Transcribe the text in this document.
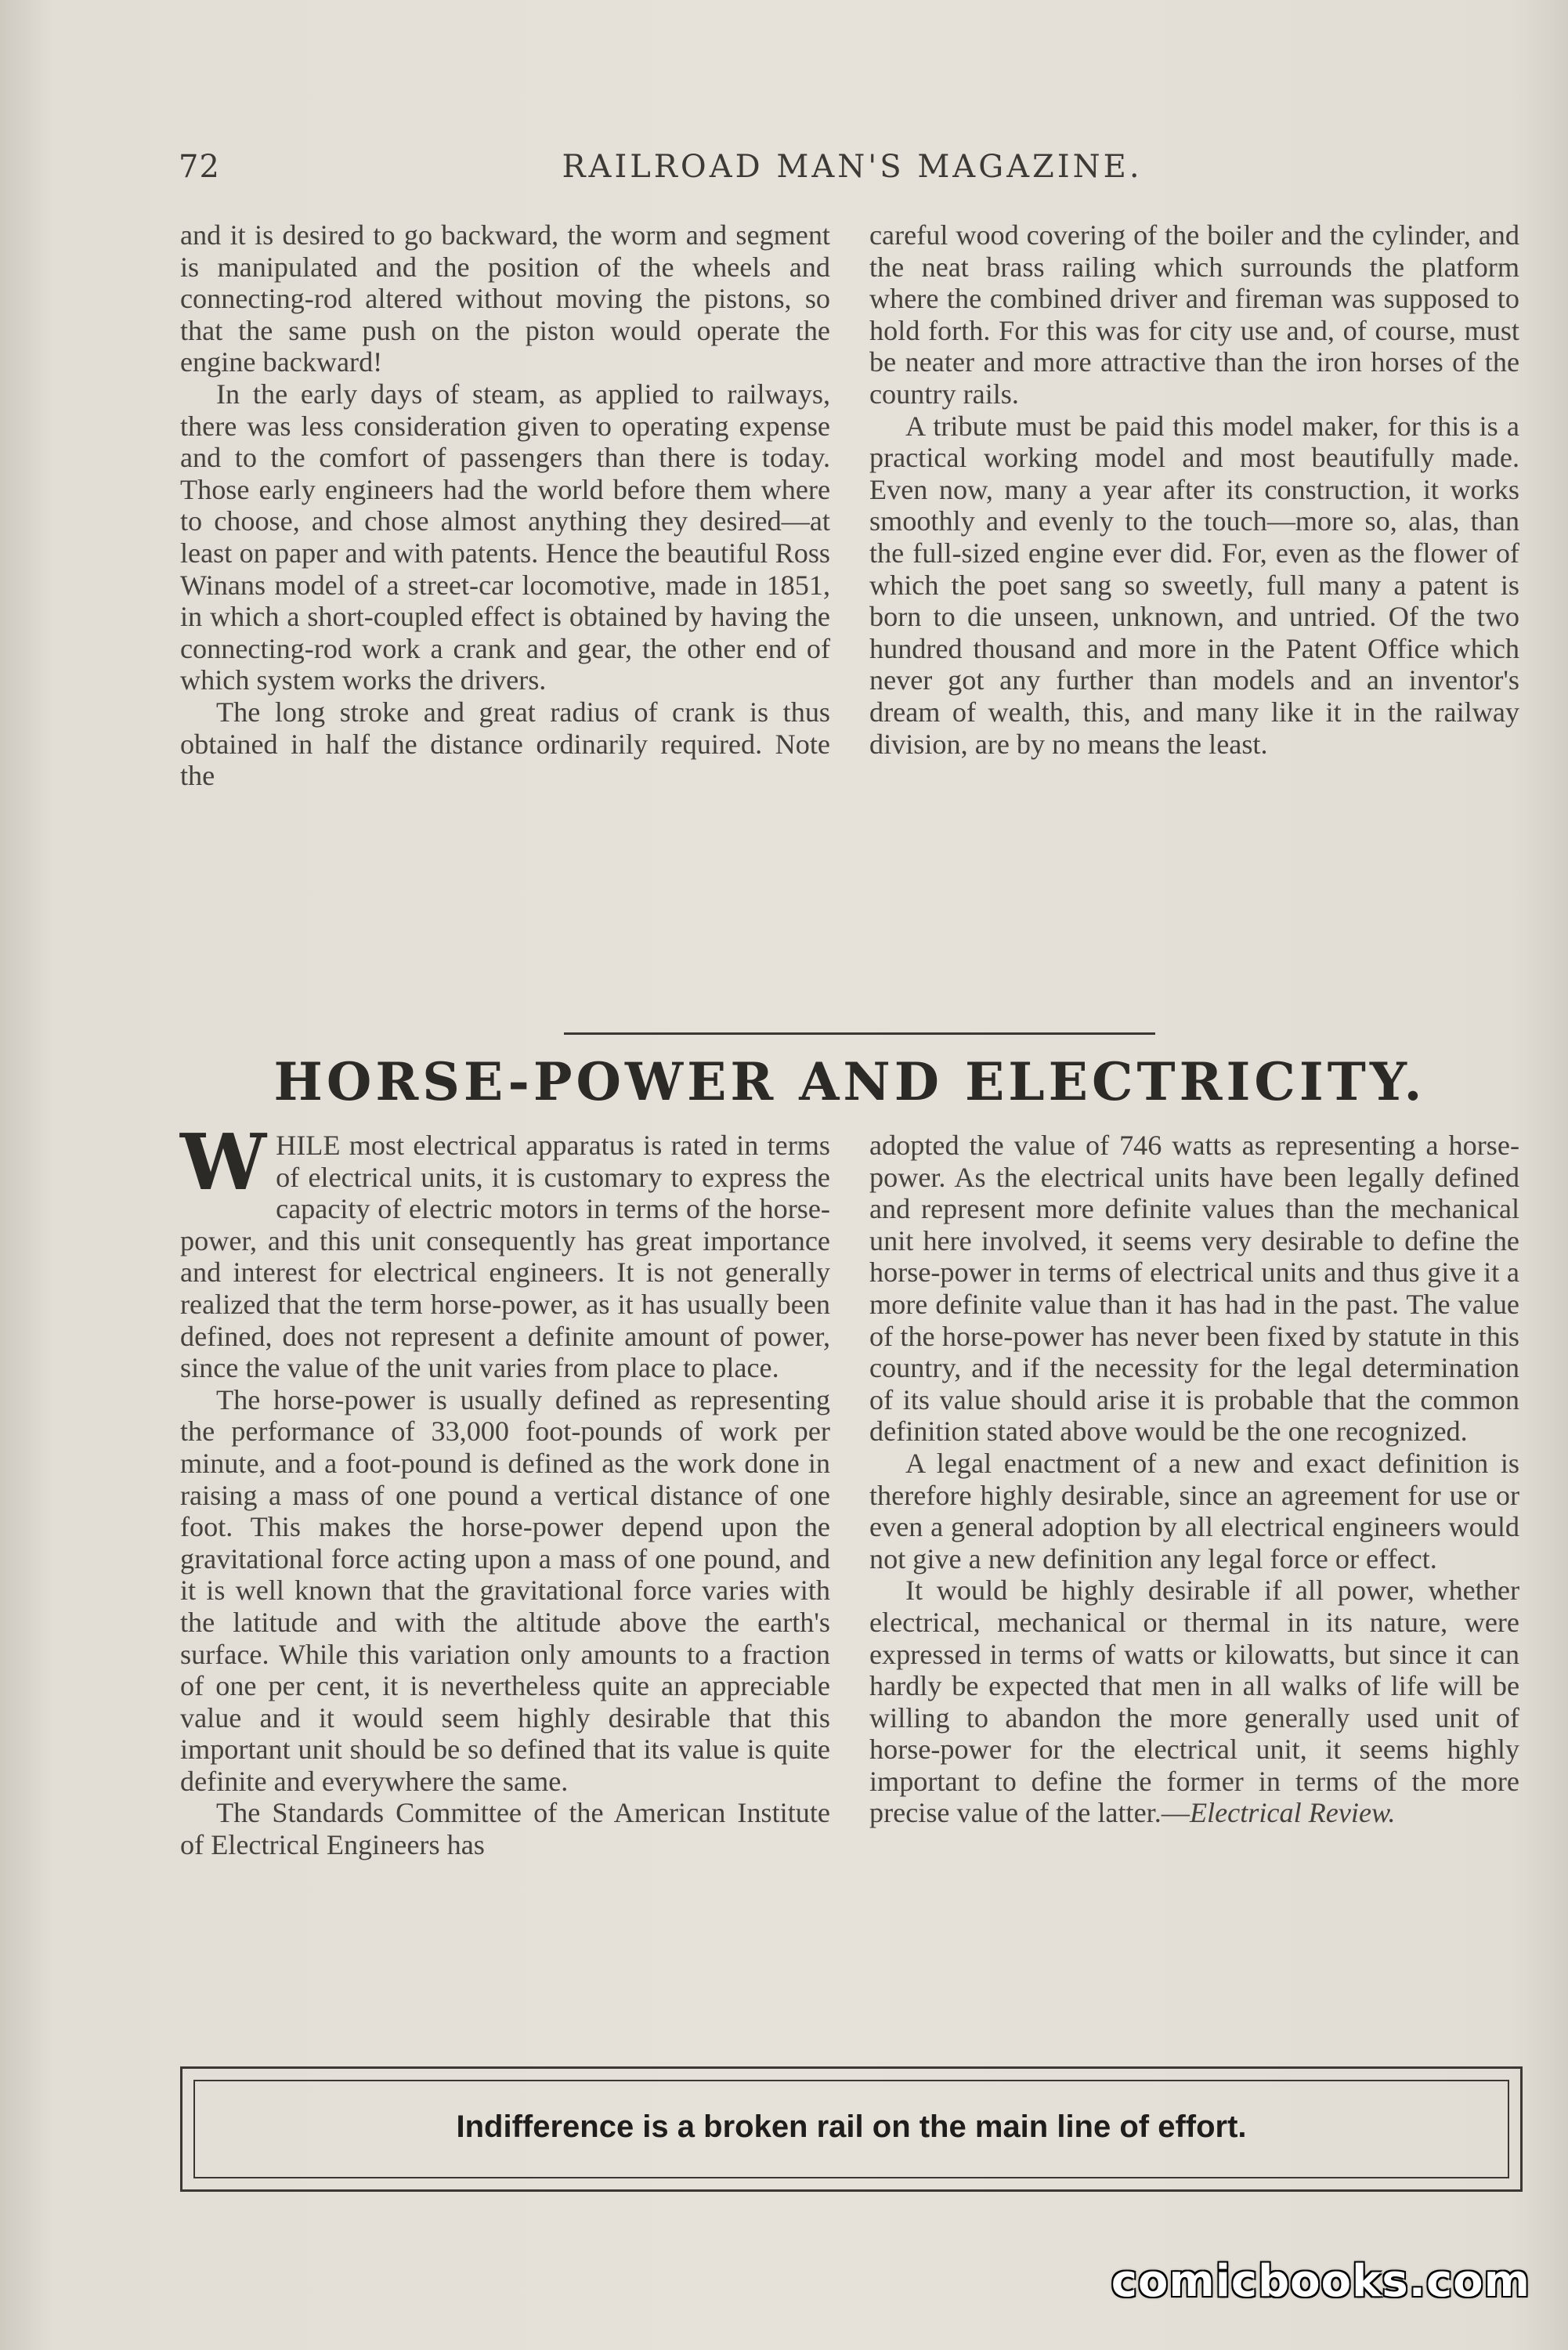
72	RAILROAD MAN'S MAGAZINE.

and it is desired to go backward, the worm and segment is manipulated and the position of the wheels and connecting-rod altered without moving the pistons, so that the same push on the piston would operate the engine backward!

In the early days of steam, as applied to railways, there was less consideration given to operating expense and to the comfort of passengers than there is today. Those early engineers had the world before them where to choose, and chose almost anything they desired—at least on paper and with patents. Hence the beautiful Ross Winans model of a street-car locomotive, made in 1851, in which a short-coupled effect is obtained by having the connecting-rod work a crank and gear, the other end of which system works the drivers.

The long stroke and great radius of crank is thus obtained in half the distance ordinarily required. Note the

careful wood covering of the boiler and the cylinder, and the neat brass railing which surrounds the platform where the combined driver and fireman was supposed to hold forth. For this was for city use and, of course, must be neater and more attractive than the iron horses of the country rails.

A tribute must be paid this model maker, for this is a practical working model and most beautifully made. Even now, many a year after its construction, it works smoothly and evenly to the touch—more so, alas, than the full-sized engine ever did. For, even as the flower of which the poet sang so sweetly, full many a patent is born to die unseen, unknown, and untried. Of the two hundred thousand and more in the Patent Office which never got any further than models and an inventor's dream of wealth, this, and many like it in the railway division, are by no means the least.

HORSE-POWER AND ELECTRICITY.

WHILE most electrical apparatus is rated in terms of electrical units, it is customary to express the capacity of electric motors in terms of the horse-power, and this unit consequently has great importance and interest for electrical engineers. It is not generally realized that the term horse-power, as it has usually been defined, does not represent a definite amount of power, since the value of the unit varies from place to place.

The horse-power is usually defined as representing the performance of 33,000 foot-pounds of work per minute, and a foot-pound is defined as the work done in raising a mass of one pound a vertical distance of one foot. This makes the horse-power depend upon the gravitational force acting upon a mass of one pound, and it is well known that the gravitational force varies with the latitude and with the altitude above the earth's surface. While this variation only amounts to a fraction of one per cent, it is nevertheless quite an appreciable value and it would seem highly desirable that this important unit should be so defined that its value is quite definite and everywhere the same.

The Standards Committee of the American Institute of Electrical Engineers has

adopted the value of 746 watts as representing a horse-power. As the electrical units have been legally defined and represent more definite values than the mechanical unit here involved, it seems very desirable to define the horse-power in terms of electrical units and thus give it a more definite value than it has had in the past. The value of the horse-power has never been fixed by statute in this country, and if the necessity for the legal determination of its value should arise it is probable that the common definition stated above would be the one recognized.

A legal enactment of a new and exact definition is therefore highly desirable, since an agreement for use or even a general adoption by all electrical engineers would not give a new definition any legal force or effect.

It would be highly desirable if all power, whether electrical, mechanical or thermal in its nature, were expressed in terms of watts or kilowatts, but since it can hardly be expected that men in all walks of life will be willing to abandon the more generally used unit of horse-power for the electrical unit, it seems highly important to define the former in terms of the more precise value of the latter.—Electrical Review.

Indifference is a broken rail on the main line of effort.
comicbooks.com
